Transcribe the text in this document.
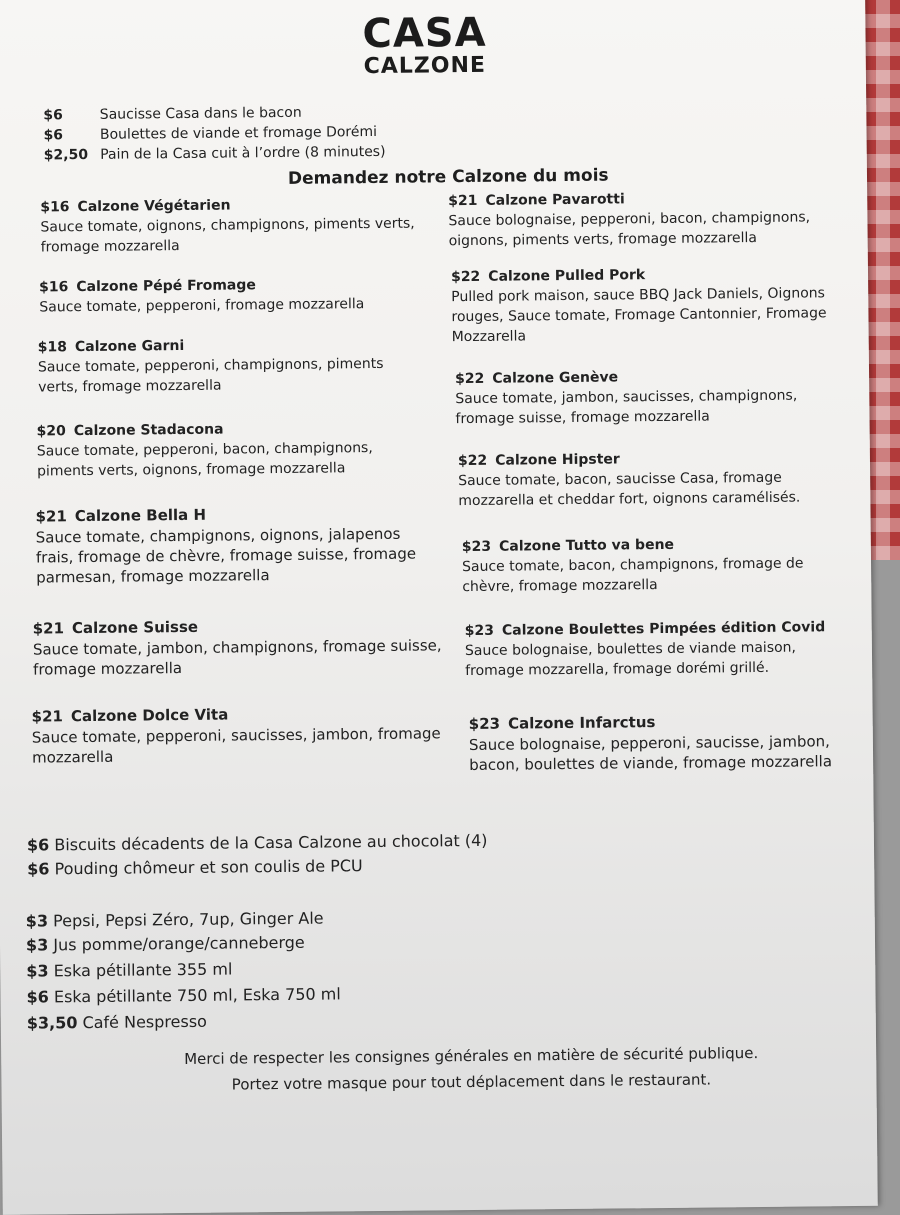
CASA
CALZONE
$6	Saucisse Casa dans le bacon
$6	Boulettes de viande et fromage Dorémi
$2,50 Pain de la Casa cuit à l’ordre (8 minutes)
Demandez notre Calzone du mois
$16 Calzone Végétarien
Sauce tomate, oignons, champignons, piments verts,
fromage mozzarella
$16 Calzone Pépé Fromage
Sauce tomate, pepperoni, fromage mozzarella
$18 Calzone Garni
Sauce tomate, pepperoni, champignons, piments
verts, fromage mozzarella
$20 Calzone Stadacona
Sauce tomate, pepperoni, bacon, champignons,
piments verts, oignons, fromage mozzarella
$21 Calzone Bella H
Sauce tomate, champignons, oignons, jalapenos
frais, fromage de chèvre, fromage suisse, fromage
parmesan, fromage mozzarella
$21 Calzone Suisse
Sauce tomate, jambon, champignons, fromage suisse,
fromage mozzarella
$21 Calzone Dolce Vita
Sauce tomate, pepperoni, saucisses, jambon, fromage
mozzarella
$21 Calzone Pavarotti
Sauce bolognaise, pepperoni, bacon, champignons,
oignons, piments verts, fromage mozzarella
$22 Calzone Pulled Pork
Pulled pork maison, sauce BBQ Jack Daniels, Oignons
rouges, Sauce tomate, Fromage Cantonnier, Fromage
Mozzarella
$22 Calzone Genève
Sauce tomate, jambon, saucisses, champignons,
fromage suisse, fromage mozzarella
$22 Calzone Hipster
Sauce tomate, bacon, saucisse Casa, fromage
mozzarella et cheddar fort, oignons caramélisés.
$23 Calzone Tutto va bene
Sauce tomate, bacon, champignons, fromage de
chèvre, fromage mozzarella
$23 Calzone Boulettes Pimpées édition Covid
Sauce bolognaise, boulettes de viande maison,
fromage mozzarella, fromage dorémi grillé.
$23 Calzone Infarctus
Sauce bolognaise, pepperoni, saucisse, jambon,
bacon, boulettes de viande, fromage mozzarella
$6 Biscuits décadents de la Casa Calzone au chocolat (4)
$6 Pouding chômeur et son coulis de PCU
$3 Pepsi, Pepsi Zéro, 7up, Ginger Ale
$3 Jus pomme/orange/canneberge
$3 Eska pétillante 355 ml
$6 Eska pétillante 750 ml, Eska 750 ml
$3,50 Café Nespresso
Merci de respecter les consignes générales en matière de sécurité publique.
Portez votre masque pour tout déplacement dans le restaurant.
